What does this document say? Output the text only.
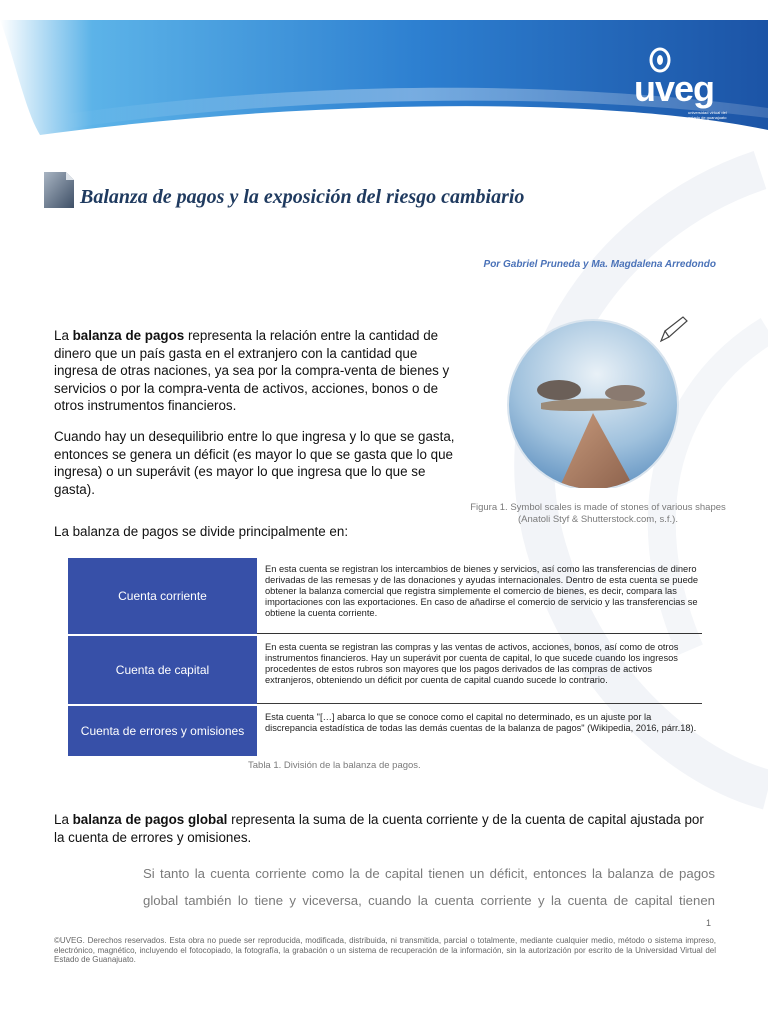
uveg
universidad virtual del estado de guanajuato
Balanza de pagos y la exposición del riesgo cambiario
Por Gabriel Pruneda y Ma. Magdalena Arredondo

La balanza de pagos representa la relación entre la cantidad de dinero que un país gasta en el extranjero con la cantidad que ingresa de otras naciones, ya sea por la compra-venta de bienes y servicios o por la compra-venta de activos, acciones, bonos o de otros instrumentos financieros.

Cuando hay un desequilibrio entre lo que ingresa y lo que se gasta, entonces se genera un déficit (es mayor lo que se gasta que lo que ingresa) o un superávit (es mayor lo que ingresa que lo que se gasta).

Figura 1. Symbol scales is made of stones of various shapes (Anatoli Styf & Shutterstock.com, s.f.).

La balanza de pagos se divide principalmente en:

Cuenta corriente
En esta cuenta se registran los intercambios de bienes y servicios, así como las transferencias de dinero derivadas de las remesas y de las donaciones y ayudas internacionales. Dentro de esta cuenta se puede obtener la balanza comercial que registra simplemente el comercio de bienes, es decir, compara las importaciones con las exportaciones. En caso de añadirse el comercio de servicio y las transferencias se obtiene la cuenta corriente.
Cuenta de capital
En esta cuenta se registran las compras y las ventas de activos, acciones, bonos, así como de otros instrumentos financieros. Hay un superávit por cuenta de capital, lo que sucede cuando los ingresos procedentes de estos rubros son mayores que los pagos derivados de las compras de activos extranjeros, obteniendo un déficit por cuenta de capital cuando sucede lo contrario.
Cuenta de errores y omisiones
Esta cuenta "[…] abarca lo que se conoce como el capital no determinado, es un ajuste por la discrepancia estadística de todas las demás cuentas de la balanza de pagos" (Wikipedia, 2016, párr.18).

Tabla 1. División de la balanza de pagos.

La balanza de pagos global representa la suma de la cuenta corriente y de la cuenta de capital ajustada por la cuenta de errores y omisiones.

Si tanto la cuenta corriente como la de capital tienen un déficit, entonces la balanza de pagos global también lo tiene y viceversa, cuando la cuenta corriente y la cuenta de capital tienen

1

©UVEG. Derechos reservados. Esta obra no puede ser reproducida, modificada, distribuida, ni transmitida, parcial o totalmente, mediante cualquier medio, método o sistema impreso, electrónico, magnético, incluyendo el fotocopiado, la fotografía, la grabación o un sistema de recuperación de la información, sin la autorización por escrito de la Universidad Virtual del Estado de Guanajuato.
